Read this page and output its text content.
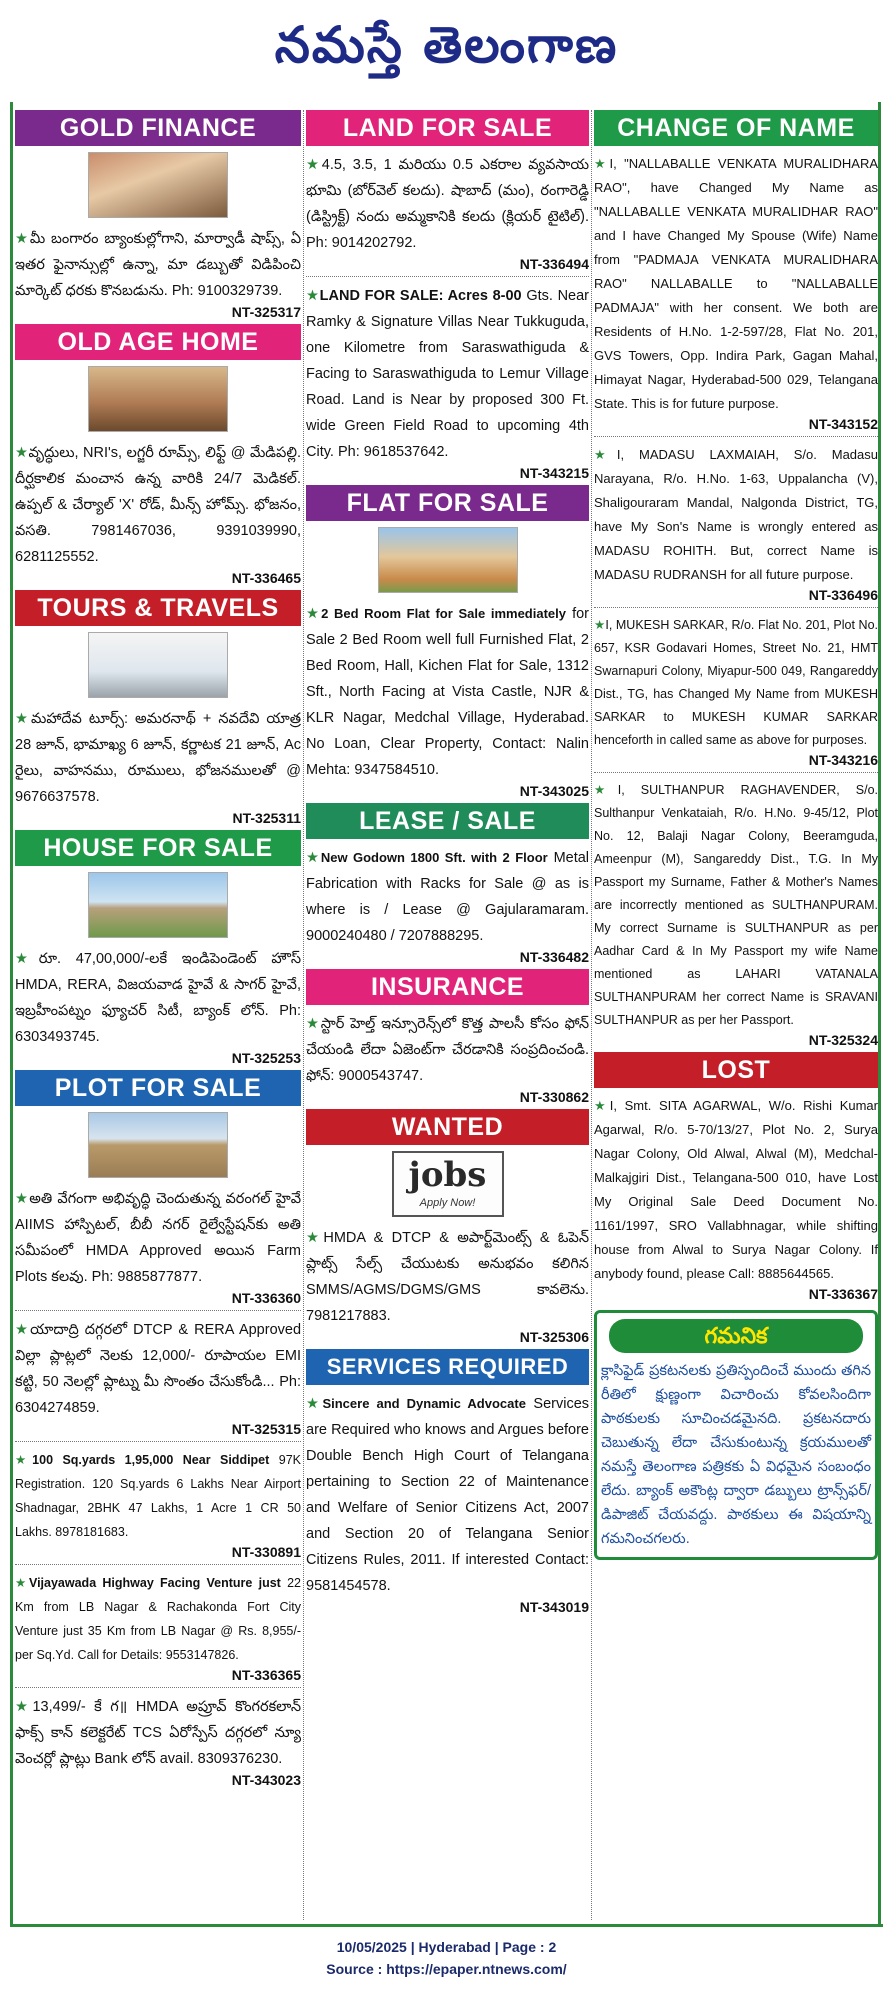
నమస్తే తెలంగాణ
GOLD FINANCE
★మీ బంగారం బ్యాంకుల్లోగాని, మార్వాడీ షాప్స్, ఏ ఇతర ఫైనాన్సుల్లో ఉన్నా, మా డబ్బుతో విడిపించి మార్కెట్ ధరకు కొనబడును. Ph: 9100329739.
NT-325317
OLD AGE HOME
★వృద్ధులు, NRI's, లగ్జరీ రూమ్స్, లిఫ్ట్ @ మేడిపల్లి. దీర్ఘకాలిక మంచాన ఉన్న వారికి 24/7 మెడికల్. ఉప్పల్ & చేర్యాల్ 'X' రోడ్, మీన్స్ హోమ్స్. భోజనం, వసతి. 7981467036, 9391039990, 6281125552.
NT-336465
TOURS & TRAVELS
★మహాదేవ టూర్స్: అమరనాథ్ + నవదేవి యాత్ర 28 జూన్, భామాఖ్య 6 జూన్, కర్ణాటక 21 జూన్, Ac రైలు, వాహనము, రూములు, భోజనములతో @ 9676637578.
NT-325311
HOUSE FOR SALE
★రూ. 47,00,000/-లకే ఇండిపెండెంట్ హౌస్ HMDA, RERA, విజయవాడ హైవే & సాగర్ హైవే, ఇబ్రహీంపట్నం ఫ్యూచర్ సిటీ, బ్యాంక్ లోన్. Ph: 6303493745.
NT-325253
PLOT FOR SALE
★అతి వేగంగా అభివృద్ధి చెందుతున్న వరంగల్ హైవే AIIMS హాస్పిటల్, బీబీ నగర్ రైల్వేస్టేషన్‌కు అతి సమీపంలో HMDA Approved అయిన Farm Plots కలవు. Ph: 9885877877.
NT-336360
★యాదాద్రి దగ్గరలో DTCP & RERA Approved విల్లా ప్లాట్లలో నెలకు 12,000/- రూపాయల EMI కట్టి, 50 నెలల్లో ప్లాట్ను మీ సొంతం చేసుకోండి... Ph: 6304274859.
NT-325315
★100 Sq.yards 1,95,000 Near Siddipet 97K Registration. 120 Sq.yards 6 Lakhs Near Airport Shadnagar, 2BHK 47 Lakhs, 1 Acre 1 CR 50 Lakhs. 8978181683.
NT-330891
★Vijayawada Highway Facing Venture just 22 Km from LB Nagar & Rachakonda Fort City Venture just 35 Km from LB Nagar @ Rs. 8,955/- per Sq.Yd. Call for Details: 9553147826.
NT-336365
★13,499/- కే గ॥ HMDA అప్రూవ్ కొంగరకలాన్ ఫాక్స్ కాన్ కలెక్టరేట్ TCS ఏరోస్పేస్ దగ్గరలో న్యూ వెంచర్లో ప్లాట్లు Bank లోన్ avail. 8309376230.
NT-343023
LAND FOR SALE
★4.5, 3.5, 1 మరియు 0.5 ఎకరాల వ్యవసాయ భూమి (బోర్‌వెల్ కలదు). షాబాద్ (మం), రంగారెడ్డి (డిస్ట్రిక్ట్) నందు అమ్మకానికి కలదు (క్లియర్ టైటిల్). Ph: 9014202792.
NT-336494
★LAND FOR SALE: Acres 8-00 Gts. Near Ramky & Signature Villas Near Tukkuguda, one Kilometre from Saraswathiguda & Facing to Saraswathiguda to Lemur Village Road. Land is Near by proposed 300 Ft. wide Green Field Road to upcoming 4th City. Ph: 9618537642.
NT-343215
FLAT FOR SALE
★2 Bed Room Flat for Sale immediately for Sale 2 Bed Room well full Furnished Flat, 2 Bed Room, Hall, Kichen Flat for Sale, 1312 Sft., North Facing at Vista Castle, NJR & KLR Nagar, Medchal Village, Hyderabad. No Loan, Clear Property, Contact: Nalin Mehta: 9347584510.
NT-343025
LEASE / SALE
★New Godown 1800 Sft. with 2 Floor Metal Fabrication with Racks for Sale @ as is where is / Lease @ Gajularamaram. 9000240480 / 7207888295.
NT-336482
INSURANCE
★స్టార్ హెల్త్ ఇన్సూరెన్స్‌లో కొత్త పాలసీ కోసం ఫోన్ చేయండి లేదా ఏజెంట్‌గా చేరడానికి సంప్రదించండి. ఫోన్: 9000543747.
NT-330862
WANTED
jobs
Apply Now!
★HMDA & DTCP & అపార్ట్‌మెంట్స్ & ఓపెన్ ప్లాట్స్ సేల్స్ చేయుటకు అనుభవం కలిగిన SMMS/AGMS/DGMS/GMS కావలెను. 7981217883.
NT-325306
SERVICES REQUIRED
★Sincere and Dynamic Advocate Services are Required who knows and Argues before Double Bench High Court of Telangana pertaining to Section 22 of Maintenance and Welfare of Senior Citizens Act, 2007 and Section 20 of Telangana Senior Citizens Rules, 2011. If interested Contact: 9581454578.
NT-343019
CHANGE OF NAME
★I, "NALLABALLE VENKATA MURALIDHARA RAO", have Changed My Name as "NALLABALLE VENKATA MURALIDHAR RAO" and I have Changed My Spouse (Wife) Name from "PADMAJA VENKATA MURALIDHARA RAO" NALLABALLE to "NALLABALLE PADMAJA" with her consent. We both are Residents of H.No. 1-2-597/28, Flat No. 201, GVS Towers, Opp. Indira Park, Gagan Mahal, Himayat Nagar, Hyderabad-500 029, Telangana State. This is for future purpose.
NT-343152
★I, MADASU LAXMAIAH, S/o. Madasu Narayana, R/o. H.No. 1-63, Uppalancha (V), Shaligouraram Mandal, Nalgonda District, TG, have My Son's Name is wrongly entered as MADASU ROHITH. But, correct Name is MADASU RUDRANSH for all future purpose.
NT-336496
★I, MUKESH SARKAR, R/o. Flat No. 201, Plot No. 657, KSR Godavari Homes, Street No. 21, HMT Swarnapuri Colony, Miyapur-500 049, Rangareddy Dist., TG, has Changed My Name from MUKESH SARKAR to MUKESH KUMAR SARKAR henceforth in called same as above for purposes.
NT-343216
★I, SULTHANPUR RAGHAVENDER, S/o. Sulthanpur Venkataiah, R/o. H.No. 9-45/12, Plot No. 12, Balaji Nagar Colony, Beeramguda, Ameenpur (M), Sangareddy Dist., T.G. In My Passport my Surname, Father & Mother's Names are incorrectly mentioned as SULTHANPURAM. My correct Surname is SULTHANPUR as per Aadhar Card & In My Passport my wife Name mentioned as LAHARI VATANALA SULTHANPURAM her correct Name is SRAVANI SULTHANPUR as per her Passport.
NT-325324
LOST
★I, Smt. SITA AGARWAL, W/o. Rishi Kumar Agarwal, R/o. 5-70/13/27, Plot No. 2, Surya Nagar Colony, Old Alwal, Alwal (M), Medchal-Malkajgiri Dist., Telangana-500 010, have Lost My Original Sale Deed Document No. 1161/1997, SRO Vallabhnagar, while shifting house from Alwal to Surya Nagar Colony. If anybody found, please Call: 8885644565.
NT-336367
గమనిక
క్లాసిఫైడ్ ప్రకటనలకు ప్రతిస్పందించే ముందు తగిన రీతిలో క్షుణ్ణంగా విచారించు కోవలసిందిగా పాఠకులకు సూచించడమైనది. ప్రకటనదారు చెబుతున్న లేదా చేసుకుంటున్న క్రయములతో నమస్తే తెలంగాణ పత్రికకు ఏ విధమైన సంబంధం లేదు. బ్యాంక్ అకౌంట్ల ద్వారా డబ్బులు ట్రాన్స్‌ఫర్/డిపాజిట్ చేయవద్దు. పాఠకులు ఈ విషయాన్ని గమనించగలరు.
10/05/2025 | Hyderabad | Page : 2
Source : https://epaper.ntnews.com/
